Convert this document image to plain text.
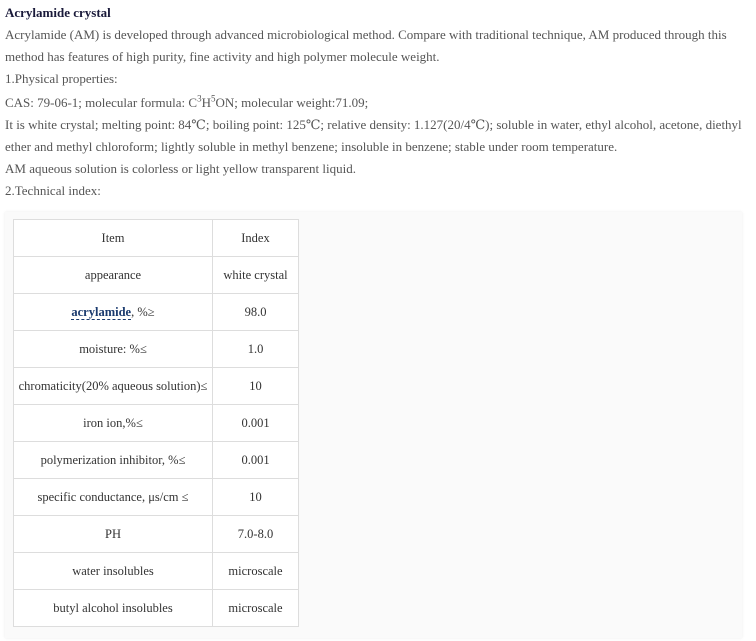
Acrylamide crystal

Acrylamide (AM) is developed through advanced microbiological method. Compare with traditional technique, AM produced through this

method has features of high purity, fine activity and high polymer molecule weight.

1.Physical properties:

CAS: 79-06-1; molecular formula: $C^3H^5ON$; molecular weight:71.09;

It is white crystal; melting point: 84℃; boiling point: 125℃; relative density: 1.127(20/4℃); soluble in water, ethyl alcohol, acetone, diethyl

ether and methyl chloroform; lightly soluble in methyl benzene; insoluble in benzene; stable under room temperature.

AM aqueous solution is colorless or light yellow transparent liquid.

2.Technical index:

Item	Index
appearance	white crystal
acrylamide, %≥	98.0
moisture: %≤	1.0
chromaticity(20% aqueous solution)≤	10
iron ion,%≤	0.001
polymerization inhibitor, %≤	0.001
specific conductance, μs/cm ≤	10
PH	7.0-8.0
water insolubles	microscale
butyl alcohol insolubles	microscale
